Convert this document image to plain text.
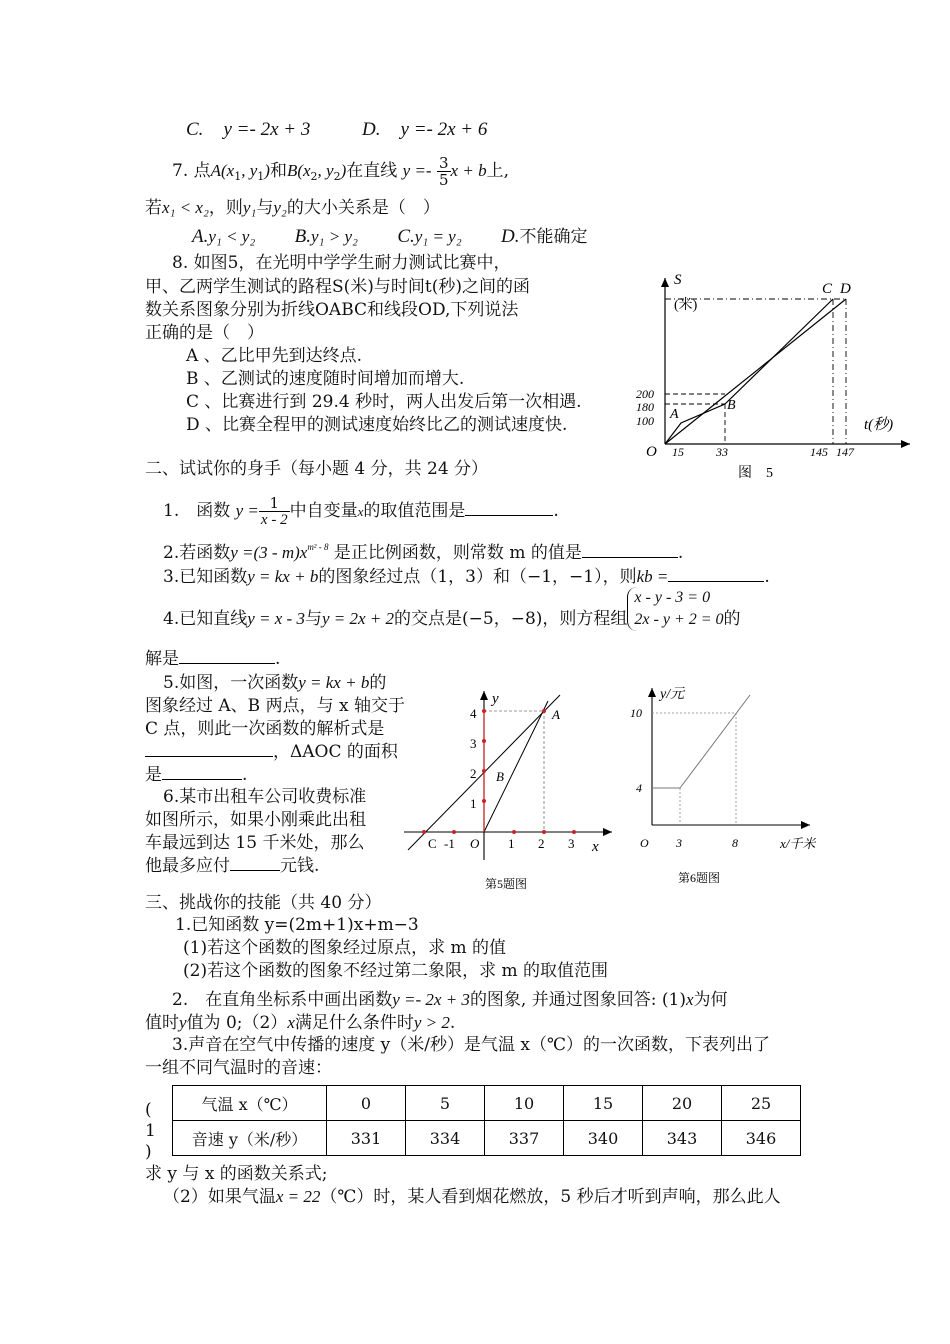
C. y =- 2x + 3	D. y =- 2x + 6
7. 点$A(x_1$, $y_1$)和$B(x_2$, $y_2$)在直线 $y =- \frac{3}{5}$ x + b上,
若x₁ < x₂，则y₁与y₂的大小关系是（　）
A.y₁ < y₂ B.y₁ > y₂ C.y₁ = y₂ D.不能确定
8. 如图5，在光明中学学生耐力测试比赛中，
甲、乙两学生测试的路程S(米)与时间t(秒)之间的函
数关系图象分别为折线OABC和线段OD,下列说法
正确的是（　）
A 、乙比甲先到达终点.
B 、乙测试的速度随时间增加而增大.
C 、比赛进行到 29.4 秒时，两人出发后第一次相遇.
D 、比赛全程甲的测试速度始终比乙的测试速度快.
S
(米)
t(秒)
O
200
180
100
15	33	145 147
A
B
C D
图　5
二、试试你的身手（每小题 4 分，共 24 分）
1.　函数 $y = \frac{1}{x - 2}$ 中自变量x的取值范围是	.
2.若函数$y =(3 - m)x^{m^2 - 8}$ 是正比例函数，则常数 m 的值是	.
3.已知函数y = kx + b的图象经过点（1，3）和（−1，−1），则kb =	.
4.已知直线y = x - 3与y = 2x + 2的交点是(−5，−8)，则方程组
x - y - 3 = 0
2x - y + 2 = 0 的
解是	.
5.如图，一次函数y = kx + b的
图象经过 A、B 两点，与 x 轴交于
C 点，则此一次函数的解析式是
，ΔAOC 的面积
是	.
6.某市出租车公司收费标准
如图所示，如果小刚乘此出租
车最远到达 15 千米处，那么
他最多应付	元钱.
y
x
O
-1	1 2 3
4
3
2
1
A
B
C
第5题图
y/元
x/千米
O 3	8
10
4
第6题图
三、挑战你的技能（共 40 分）
1.已知函数 y=(2m+1)x+m−3
(1)若这个函数的图象经过原点，求 m 的值
(2)若这个函数的图象不经过第二象限，求 m 的取值范围
2.　在直角坐标系中画出函数y =- 2x + 3的图象, 并通过图象回答: (1)x为何
值时y值为 0;（2）x满足什么条件时y > 2.
3.声音在空气中传播的速度 y（米/秒）是气温 x（℃）的一次函数，下表列出了
一组不同气温时的音速：
(
1
)
气温 x（℃）	0	5	10	15	20	25
音速 y（米/秒）	331	334	337	340	343	346
求 y 与 x 的函数关系式;
（2）如果气温x = 22（℃）时，某人看到烟花燃放，5 秒后才听到声响，那么此人
